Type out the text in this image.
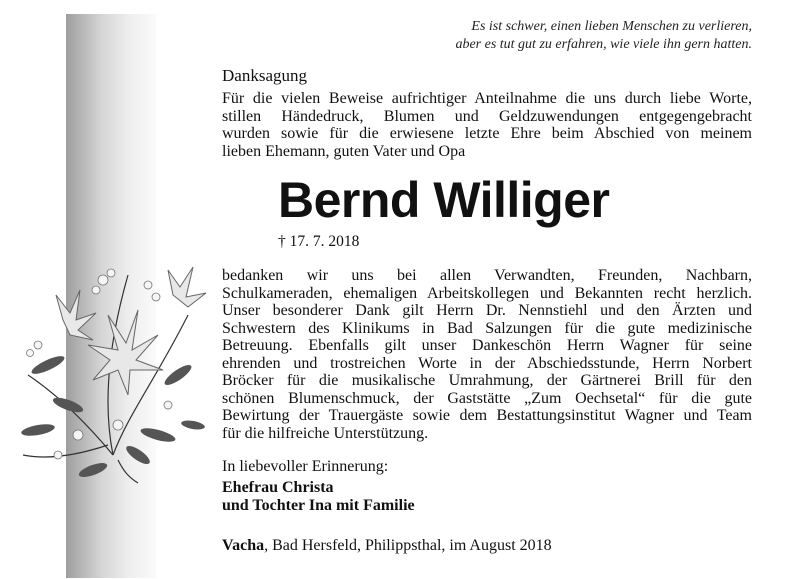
Es ist schwer, einen lieben Menschen zu verlieren,
aber es tut gut zu erfahren, wie viele ihn gern hatten.
Danksagung
Für die vielen Beweise aufrichtiger Anteilnahme die uns durch liebe Worte,
stillen Händedruck, Blumen und Geldzuwendungen entgegengebracht
wurden sowie für die erwiesene letzte Ehre beim Abschied von meinem
lieben Ehemann, guten Vater und Opa
Bernd Williger
† 17. 7. 2018
bedanken wir uns bei allen Verwandten, Freunden, Nachbarn,
Schulkameraden, ehemaligen Arbeitskollegen und Bekannten recht herzlich.
Unser besonderer Dank gilt Herrn Dr. Nennstiehl und den Ärzten und
Schwestern des Klinikums in Bad Salzungen für die gute medizinische
Betreuung. Ebenfalls gilt unser Dankeschön Herrn Wagner für seine
ehrenden und trostreichen Worte in der Abschiedsstunde, Herrn Norbert
Bröcker für die musikalische Umrahmung, der Gärtnerei Brill für den
schönen Blumenschmuck, der Gaststätte „Zum Oechsetal“ für die gute
Bewirtung der Trauergäste sowie dem Bestattungsinstitut Wagner und Team
für die hilfreiche Unterstützung.
In liebevoller Erinnerung:
Ehefrau Christa
und Tochter Ina mit Familie
Vacha, Bad Hersfeld, Philippsthal, im August 2018
